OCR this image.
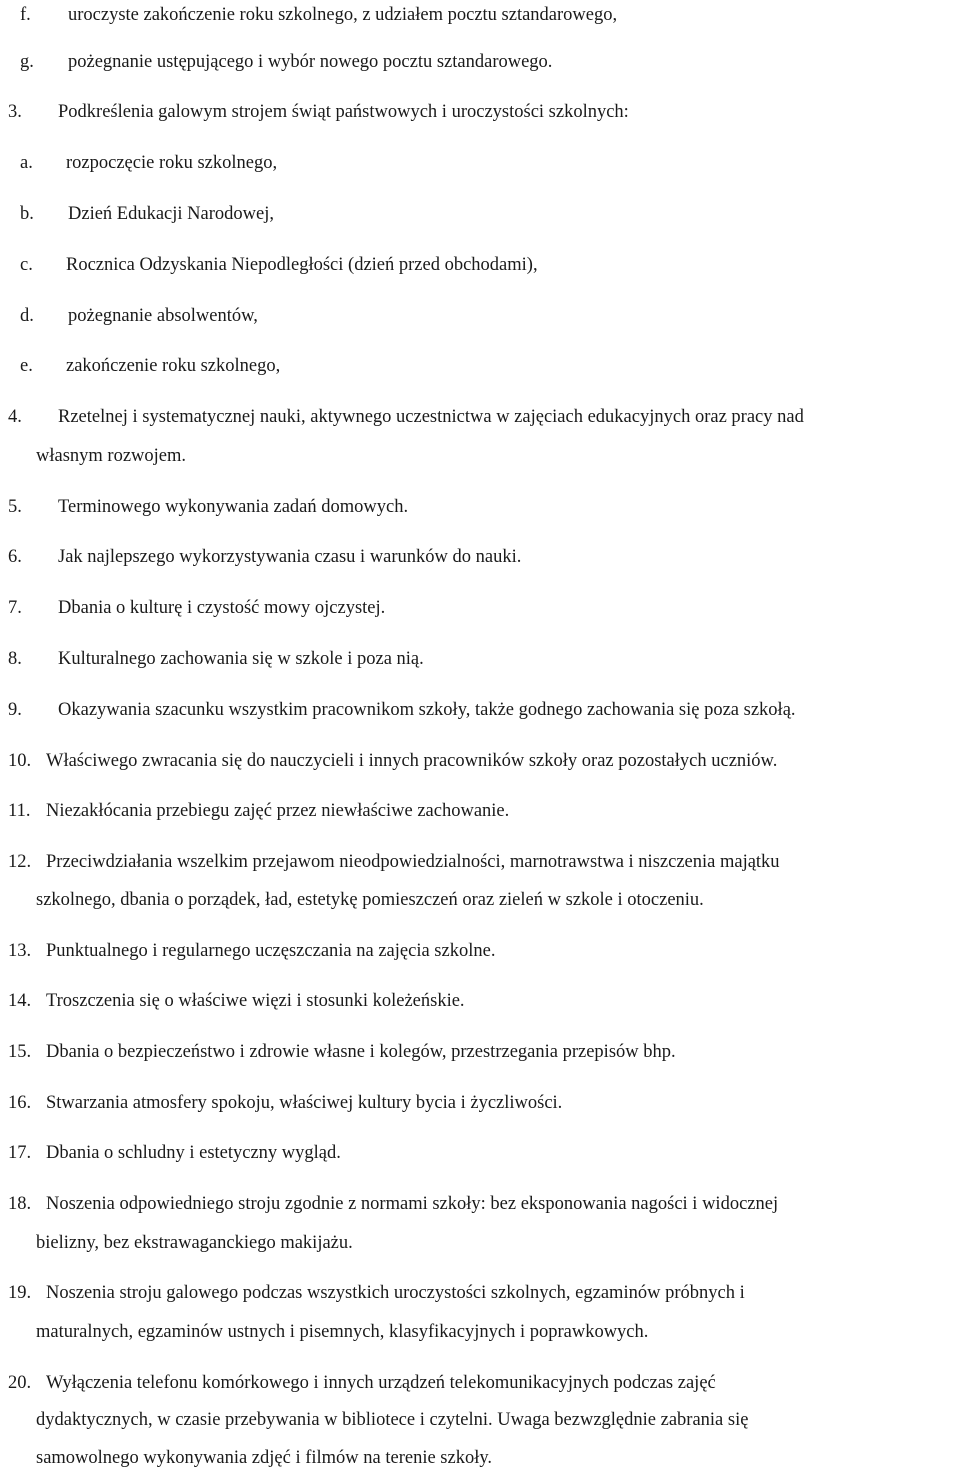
f. uroczyste zakończenie roku szkolnego, z udziałem pocztu sztandarowego,
g. pożegnanie ustępującego i wybór nowego pocztu sztandarowego.
3. Podkreślenia galowym strojem świąt państwowych i uroczystości szkolnych:
a. rozpoczęcie roku szkolnego,
b. Dzień Edukacji Narodowej,
c. Rocznica Odzyskania Niepodległości (dzień przed obchodami),
d. pożegnanie absolwentów,
e. zakończenie roku szkolnego,
4. Rzetelnej i systematycznej nauki, aktywnego uczestnictwa w zajęciach edukacyjnych oraz pracy nad
własnym rozwojem.
5. Terminowego wykonywania zadań domowych.
6. Jak najlepszego wykorzystywania czasu i warunków do nauki.
7. Dbania o kulturę i czystość mowy ojczystej.
8. Kulturalnego zachowania się w szkole i poza nią.
9. Okazywania szacunku wszystkim pracownikom szkoły, także godnego zachowania się poza szkołą.
10. Właściwego zwracania się do nauczycieli i innych pracowników szkoły oraz pozostałych uczniów.
11. Niezakłócania przebiegu zajęć przez niewłaściwe zachowanie.
12. Przeciwdziałania wszelkim przejawom nieodpowiedzialności, marnotrawstwa i niszczenia majątku
szkolnego, dbania o porządek, ład, estetykę pomieszczeń oraz zieleń w szkole i otoczeniu.
13. Punktualnego i regularnego uczęszczania na zajęcia szkolne.
14. Troszczenia się o właściwe więzi i stosunki koleżeńskie.
15. Dbania o bezpieczeństwo i zdrowie własne i kolegów, przestrzegania przepisów bhp.
16. Stwarzania atmosfery spokoju, właściwej kultury bycia i życzliwości.
17. Dbania o schludny i estetyczny wygląd.
18. Noszenia odpowiedniego stroju zgodnie z normami szkoły: bez eksponowania nagości i widocznej
bielizny, bez ekstrawaganckiego makijażu.
19. Noszenia stroju galowego podczas wszystkich uroczystości szkolnych, egzaminów próbnych i
maturalnych, egzaminów ustnych i pisemnych, klasyfikacyjnych i poprawkowych.
20. Wyłączenia telefonu komórkowego i innych urządzeń telekomunikacyjnych podczas zajęć
dydaktycznych, w czasie przebywania w bibliotece i czytelni. Uwaga bezwzględnie zabrania się
samowolnego wykonywania zdjęć i filmów na terenie szkoły.
